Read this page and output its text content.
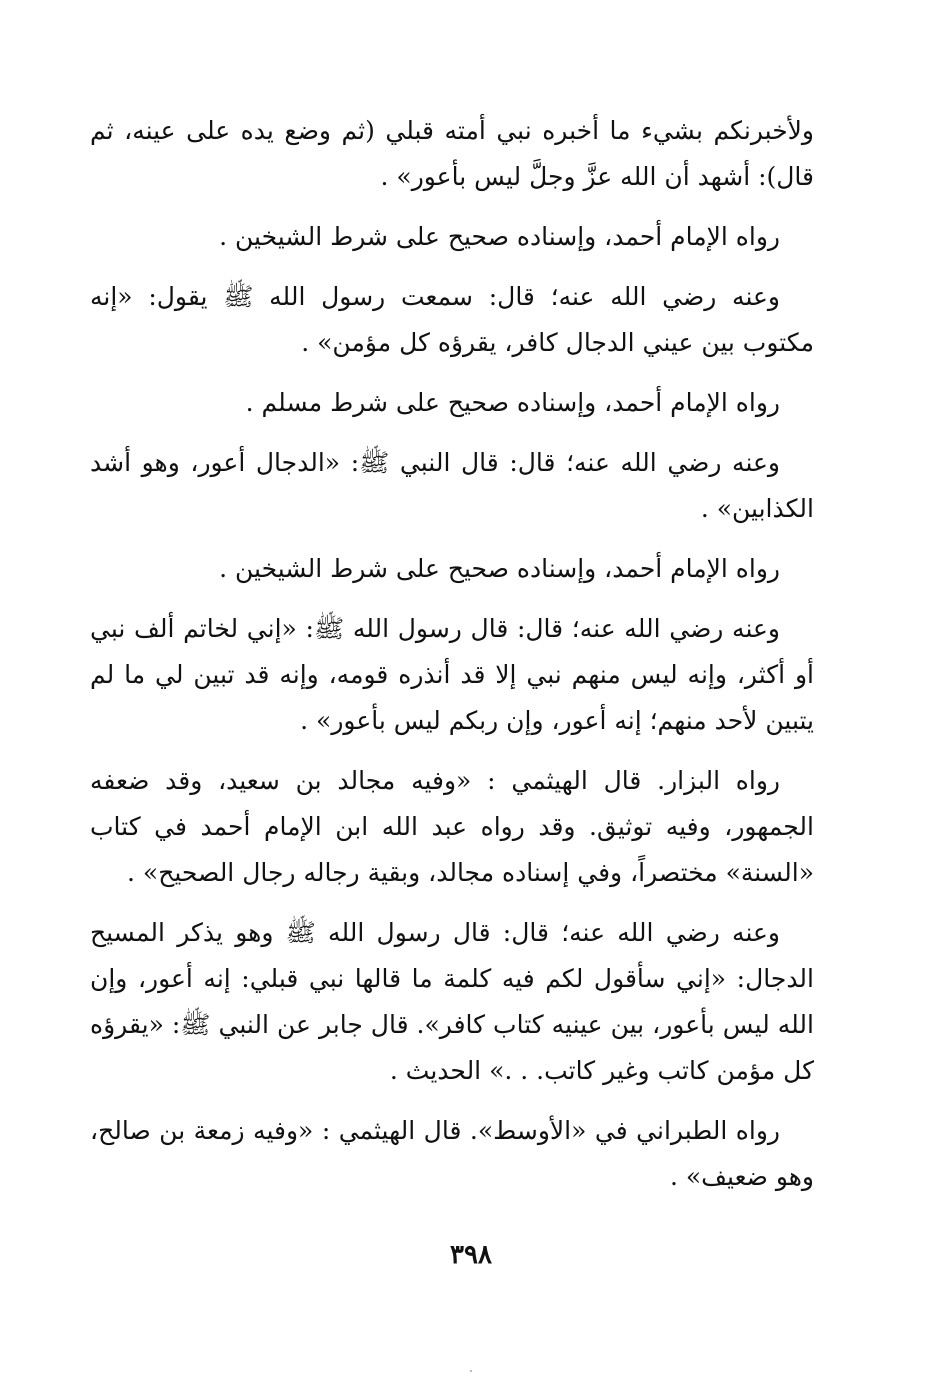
ولأخبرنكم بشيء ما أخبره نبي أمته قبلي (ثم وضع يده على عينه، ثم قال): أشهد أن الله عزَّ وجلَّ ليس بأعور» .

رواه الإمام أحمد، وإسناده صحيح على شرط الشيخين .

وعنه رضي الله عنه؛ قال: سمعت رسول الله ﷺ يقول: «إنه مكتوب بين عيني الدجال كافر، يقرؤه كل مؤمن» .

رواه الإمام أحمد، وإسناده صحيح على شرط مسلم .

وعنه رضي الله عنه؛ قال: قال النبي ﷺ: «الدجال أعور، وهو أشد الكذابين» .

رواه الإمام أحمد، وإسناده صحيح على شرط الشيخين .

وعنه رضي الله عنه؛ قال: قال رسول الله ﷺ: «إني لخاتم ألف نبي أو أكثر، وإنه ليس منهم نبي إلا قد أنذره قومه، وإنه قد تبين لي ما لم يتبين لأحد منهم؛ إنه أعور، وإن ربكم ليس بأعور» .

رواه البزار. قال الهيثمي : «وفيه مجالد بن سعيد، وقد ضعفه الجمهور، وفيه توثيق. وقد رواه عبد الله ابن الإمام أحمد في كتاب «السنة» مختصراً، وفي إسناده مجالد، وبقية رجاله رجال الصحيح» .

وعنه رضي الله عنه؛ قال: قال رسول الله ﷺ وهو يذكر المسيح الدجال: «إني سأقول لكم فيه كلمة ما قالها نبي قبلي: إنه أعور، وإن الله ليس بأعور، بين عينيه كتاب كافر». قال جابر عن النبي ﷺ: «يقرؤه كل مؤمن كاتب وغير كاتب. . .» الحديث .

رواه الطبراني في «الأوسط». قال الهيثمي : «وفيه زمعة بن صالح، وهو ضعيف» .

٣٩٨
